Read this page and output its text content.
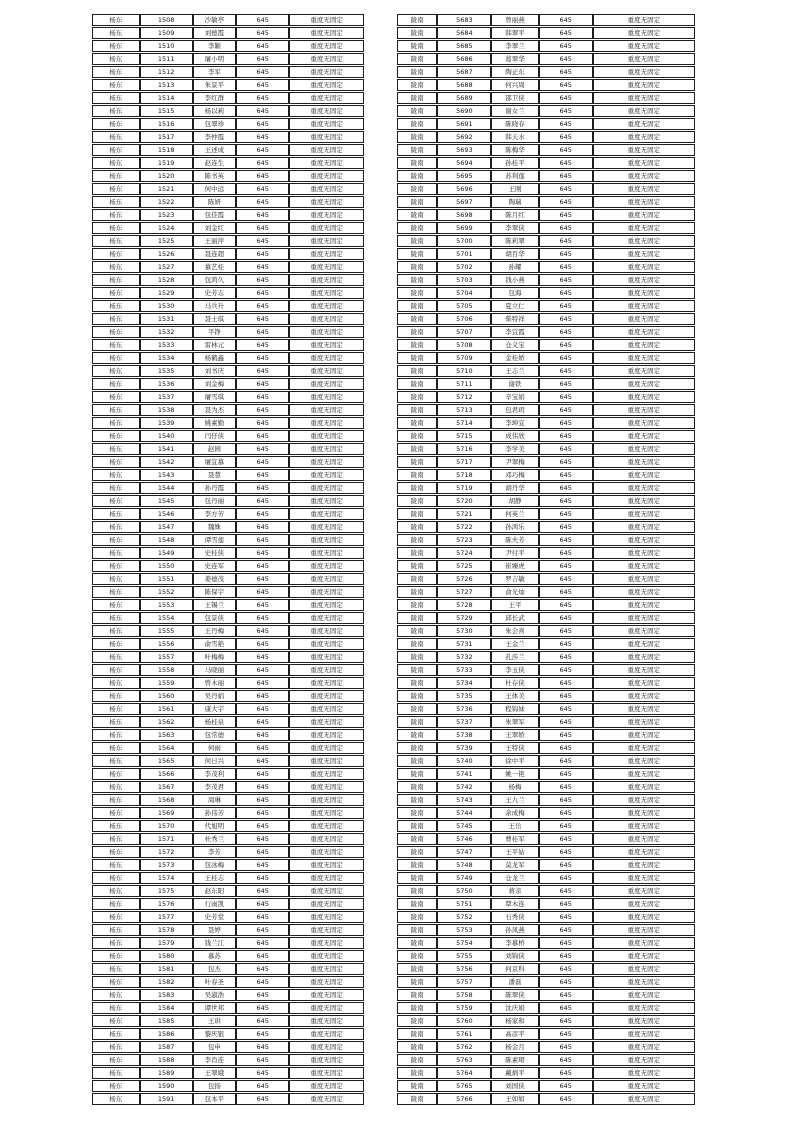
杨东	1508	沙敏亭	645	重度无固定
杨东	1509	刘德霞	645	重度无固定
杨东	1510	李颖	645	重度无固定
杨东	1511	屠小明	645	重度无固定
杨东	1512	李军	645	重度无固定
杨东	1513	朱景平	645	重度无固定
杨东	1514	李红群	645	重度无固定
杨东	1515	杨以莉	645	重度无固定
杨东	1516	包翠珍	645	重度无固定
杨东	1517	李仲霞	645	重度无固定
杨东	1518	王述成	645	重度无固定
杨东	1519	赵连生	645	重度无固定
杨东	1520	陈书英	645	重度无固定
杨东	1521	何中远	645	重度无固定
杨东	1522	陈妍	645	重度无固定
杨东	1523	包佳霞	645	重度无固定
杨东	1524	刘金红	645	重度无固定
杨东	1525	王丽萍	645	重度无固定
杨东	1526	聂连超	645	重度无固定
杨东	1527	慕艺桂	645	重度无固定
杨东	1528	包鸿久	645	重度无固定
杨东	1529	史芳志	645	重度无固定
杨东	1530	马兵升	645	重度无固定
杨东	1531	聂士琪	645	重度无固定
杨东	1532	平铮	645	重度无固定
杨东	1533	雷林元	645	重度无固定
杨东	1534	杨鹤鑫	645	重度无固定
杨东	1535	刘书庆	645	重度无固定
杨东	1536	刘金梅	645	重度无固定
杨东	1537	屠雪琪	645	重度无固定
杨东	1538	聂为杰	645	重度无固定
杨东	1539	姚素勤	645	重度无固定
杨东	1540	闫仔侠	645	重度无固定
杨东	1541	赵园	645	重度无固定
杨东	1542	屠宜慕	645	重度无固定
杨东	1543	聂慧	645	重度无固定
杨东	1544	孙丹霞	645	重度无固定
杨东	1545	包丹丽	645	重度无固定
杨东	1546	李方芳	645	重度无固定
杨东	1547	魏姝	645	重度无固定
杨东	1548	谭雪莲	645	重度无固定
杨东	1549	史桂侠	645	重度无固定
杨东	1550	史连军	645	重度无固定
杨东	1551	姜德茂	645	重度无固定
杨东	1552	陈保宇	645	重度无固定
杨东	1553	王锡兰	645	重度无固定
杨东	1554	包景侠	645	重度无固定
杨东	1555	王丹梅	645	重度无固定
杨东	1556	俞雪艳	645	重度无固定
杨东	1557	叶梅梅	645	重度无固定
杨东	1558	马晓丽	645	重度无固定
杨东	1559	曾木丽	645	重度无固定
杨东	1560	吴丹娟	645	重度无固定
杨东	1561	康大宇	645	重度无固定
杨东	1562	杨桂泉	645	重度无固定
杨东	1563	包常德	645	重度无固定
杨东	1564	何雨	645	重度无固定
杨东	1565	何日兴	645	重度无固定
杨东	1566	李茂利	645	重度无固定
杨东	1567	李茂君	645	重度无固定
杨东	1568	周琳	645	重度无固定
杨东	1569	孙伟芳	645	重度无固定
杨东	1570	代旭明	645	重度无固定
杨东	1571	杜秀兰	645	重度无固定
杨东	1572	李芳	645	重度无固定
杨东	1573	包冰梅	645	重度无固定
杨东	1574	王桂志	645	重度无固定
杨东	1575	赵东阳	645	重度无固定
杨东	1576	行雨凯	645	重度无固定
杨东	1577	史芳堂	645	重度无固定
杨东	1578	聂婷	645	重度无固定
杨东	1579	钱兰江	645	重度无固定
杨东	1580	慕苏	645	重度无固定
杨东	1581	包杰	645	重度无固定
杨东	1582	叶春圣	645	重度无固定
杨东	1583	吴淑浩	645	重度无固定
杨东	1584	谭世邦	645	重度无固定
杨东	1585	王珙	645	重度无固定
杨东	1586	黎庆银	645	重度无固定
杨东	1587	包申	645	重度无固定
杨东	1588	李肖连	645	重度无固定
杨东	1589	王翠娥	645	重度无固定
杨东	1590	包扬	645	重度无固定
杨东	1591	包本平	645	重度无固定
陇南	5683	曾丽燕	645	重度无固定
陇南	5684	韩翠平	645	重度无固定
陇南	5685	李翠兰	645	重度无固定
陇南	5686	葛翠华	645	重度无固定
陇南	5687	陶正东	645	重度无固定
陇南	5688	何兴周	645	重度无固定
陇南	5689	邵卫侠	645	重度无固定
陇南	5690	谢女兰	645	重度无固定
陇南	5691	陈晓春	645	重度无固定
陇南	5692	韩天水	645	重度无固定
陇南	5693	陈梅华	645	重度无固定
陇南	5694	孙桂平	645	重度无固定
陇南	5695	苏利莲	645	重度无固定
陇南	5696	王刚	645	重度无固定
陇南	5697	陶瑞	645	重度无固定
陇南	5698	陈月红	645	重度无固定
陇南	5699	李翠侠	645	重度无固定
陇南	5700	陈莉翠	645	重度无固定
陇南	5701	胡百华	645	重度无固定
陇南	5702	孙耀	645	重度无固定
陇南	5703	钱小燕	645	重度无固定
陇南	5704	包海	645	重度无固定
陇南	5705	夏立仁	645	重度无固定
陇南	5706	柴特祥	645	重度无固定
陇南	5707	李宜霞	645	重度无固定
陇南	5708	仓义宝	645	重度无固定
陇南	5709	金桂娇	645	重度无固定
陇南	5710	王志兰	645	重度无固定
陇南	5711	谢铁	645	重度无固定
陇南	5712	辛宝娟	645	重度无固定
陇南	5713	包君玥	645	重度无固定
陇南	5714	李坤宜	645	重度无固定
陇南	5715	成伟欣	645	重度无固定
陇南	5716	李学美	645	重度无固定
陇南	5717	尹翠梅	645	重度无固定
陇南	5718	邓巧梅	645	重度无固定
陇南	5719	胡丹华	645	重度无固定
陇南	5720	胡静	645	重度无固定
陇南	5721	何英兰	645	重度无固定
陇南	5722	孙鸿乐	645	重度无固定
陇南	5723	陈夫芳	645	重度无固定
陇南	5724	尹付平	645	重度无固定
陇南	5725	崔臻虎	645	重度无固定
陇南	5726	罗吉敏	645	重度无固定
陇南	5727	俞光灿	645	重度无固定
陇南	5728	王平	645	重度无固定
陇南	5729	邱长武	645	重度无固定
陇南	5730	朱会喜	645	重度无固定
陇南	5731	王金兰	645	重度无固定
陇南	5732	孔莎兰	645	重度无固定
陇南	5733	李玉侠	645	重度无固定
陇南	5734	杜存侠	645	重度无固定
陇南	5735	王体美	645	重度无固定
陇南	5736	程锦妹	645	重度无固定
陇南	5737	朱翠军	645	重度无固定
陇南	5738	王翠娇	645	重度无固定
陇南	5739	王特侠	645	重度无固定
陇南	5740	徐中平	645	重度无固定
陇南	5741	姚一艳	645	重度无固定
陇南	5742	杨梅	645	重度无固定
陇南	5743	王九兰	645	重度无固定
陇南	5744	余成梅	645	重度无固定
陇南	5745	王岳	645	重度无固定
陇南	5746	曹桂军	645	重度无固定
陇南	5747	王平姑	645	重度无固定
陇南	5748	莫龙军	645	重度无固定
陇南	5749	仓龙兰	645	重度无固定
陇南	5750	蒋亲	645	重度无固定
陇南	5751	覃木连	645	重度无固定
陇南	5752	石秀侠	645	重度无固定
陇南	5753	孙凤燕	645	重度无固定
陇南	5754	李慕桥	645	重度无固定
陇南	5755	刘锦侠	645	重度无固定
陇南	5756	何京科	645	重度无固定
陇南	5757	潘磊	645	重度无固定
陇南	5758	陈翠侠	645	重度无固定
陇南	5759	沈庆娟	645	重度无固定
陇南	5760	杨家和	645	重度无固定
陇南	5761	高彦平	645	重度无固定
陇南	5762	杨金月	645	重度无固定
陇南	5763	陈素珺	645	重度无固定
陇南	5764	戴炳平	645	重度无固定
陇南	5765	刘国侠	645	重度无固定
陇南	5766	王如如	645	重度无固定
